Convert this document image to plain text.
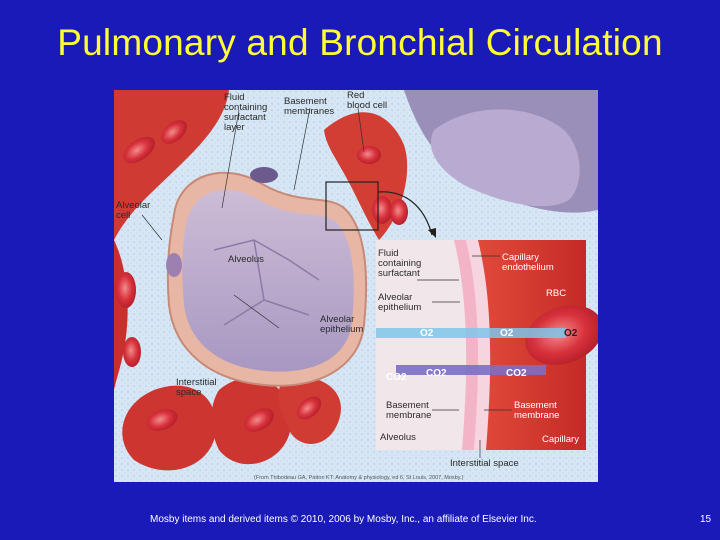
Pulmonary and Bronchial Circulation
Fluid containing surfactant layer
Basement membranes
Red blood cell
Alveolar cell
Alveolus
Alveolar epithelium
Interstitial space
Fluid containing surfactant
Capillary endothelium
RBC
Alveolar epithelium
O2	O2	O2
CO2 CO2	CO2
Basement membrane
Basement membrane
Alveolus	Capillary
Interstitial space
(From Thibodeau GA, Patton KT: Anatomy & physiology, ed 6, St Louis, 2007, Mosby.)
Mosby items and derived items © 2010, 2006 by Mosby, Inc., an affiliate of Elsevier Inc.	15
